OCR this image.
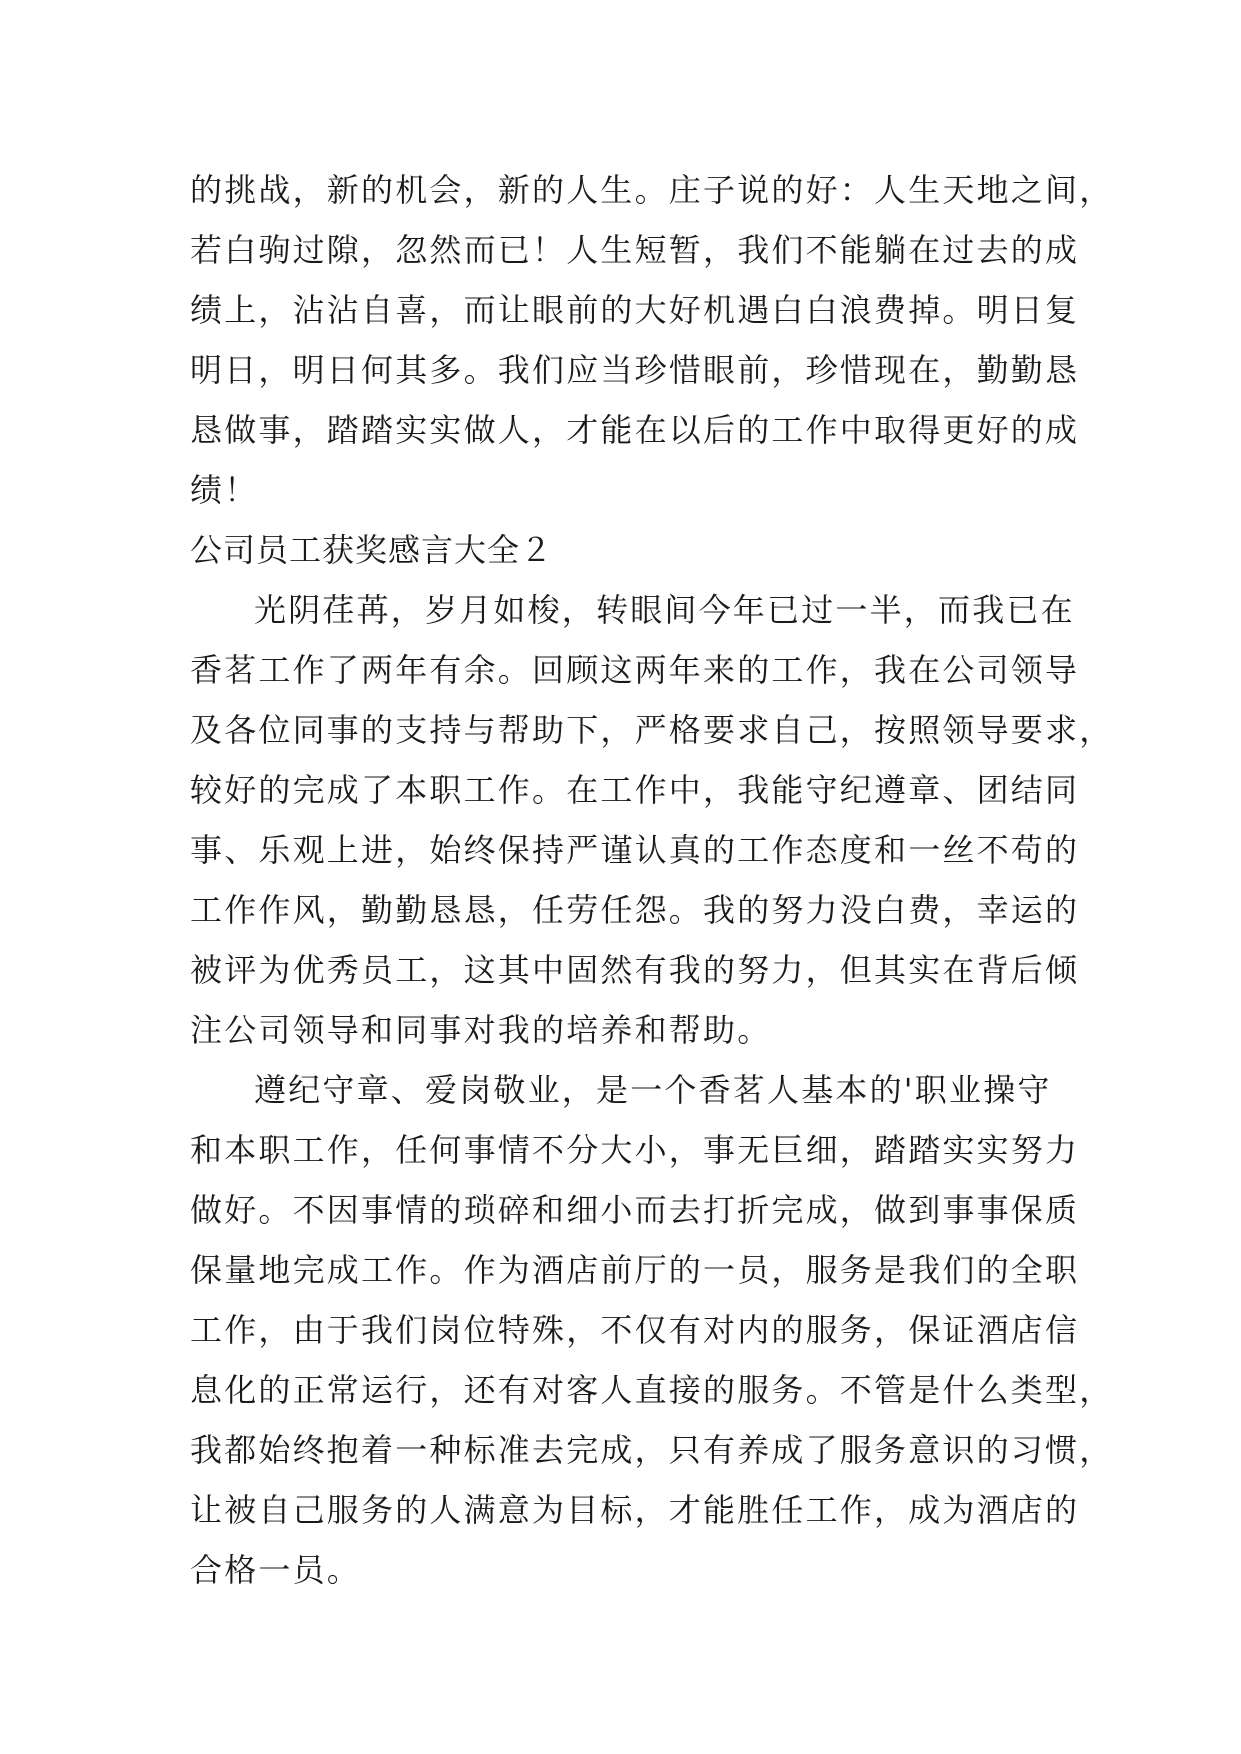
的挑战，新的机会，新的人生。庄子说的好：人生天地之间，
若白驹过隙，忽然而已！人生短暂，我们不能躺在过去的成
绩上，沾沾自喜，而让眼前的大好机遇白白浪费掉。明日复
明日，明日何其多。我们应当珍惜眼前，珍惜现在，勤勤恳
恳做事，踏踏实实做人，才能在以后的工作中取得更好的成
绩！
公司员工获奖感言大全２
光阴荏苒，岁月如梭，转眼间今年已过一半，而我已在
香茗工作了两年有余。回顾这两年来的工作，我在公司领导
及各位同事的支持与帮助下，严格要求自己，按照领导要求，
较好的完成了本职工作。在工作中，我能守纪遵章、团结同
事、乐观上进，始终保持严谨认真的工作态度和一丝不苟的
工作作风，勤勤恳恳，任劳任怨。我的努力没白费，幸运的
被评为优秀员工，这其中固然有我的努力，但其实在背后倾
注公司领导和同事对我的培养和帮助。
遵纪守章、爱岗敬业，是一个香茗人基本的'职业操守
和本职工作，任何事情不分大小，事无巨细，踏踏实实努力
做好。不因事情的琐碎和细小而去打折完成，做到事事保质
保量地完成工作。作为酒店前厅的一员，服务是我们的全职
工作，由于我们岗位特殊，不仅有对内的服务，保证酒店信
息化的正常运行，还有对客人直接的服务。不管是什么类型，
我都始终抱着一种标准去完成，只有养成了服务意识的习惯，
让被自己服务的人满意为目标，才能胜任工作，成为酒店的
合格一员。
